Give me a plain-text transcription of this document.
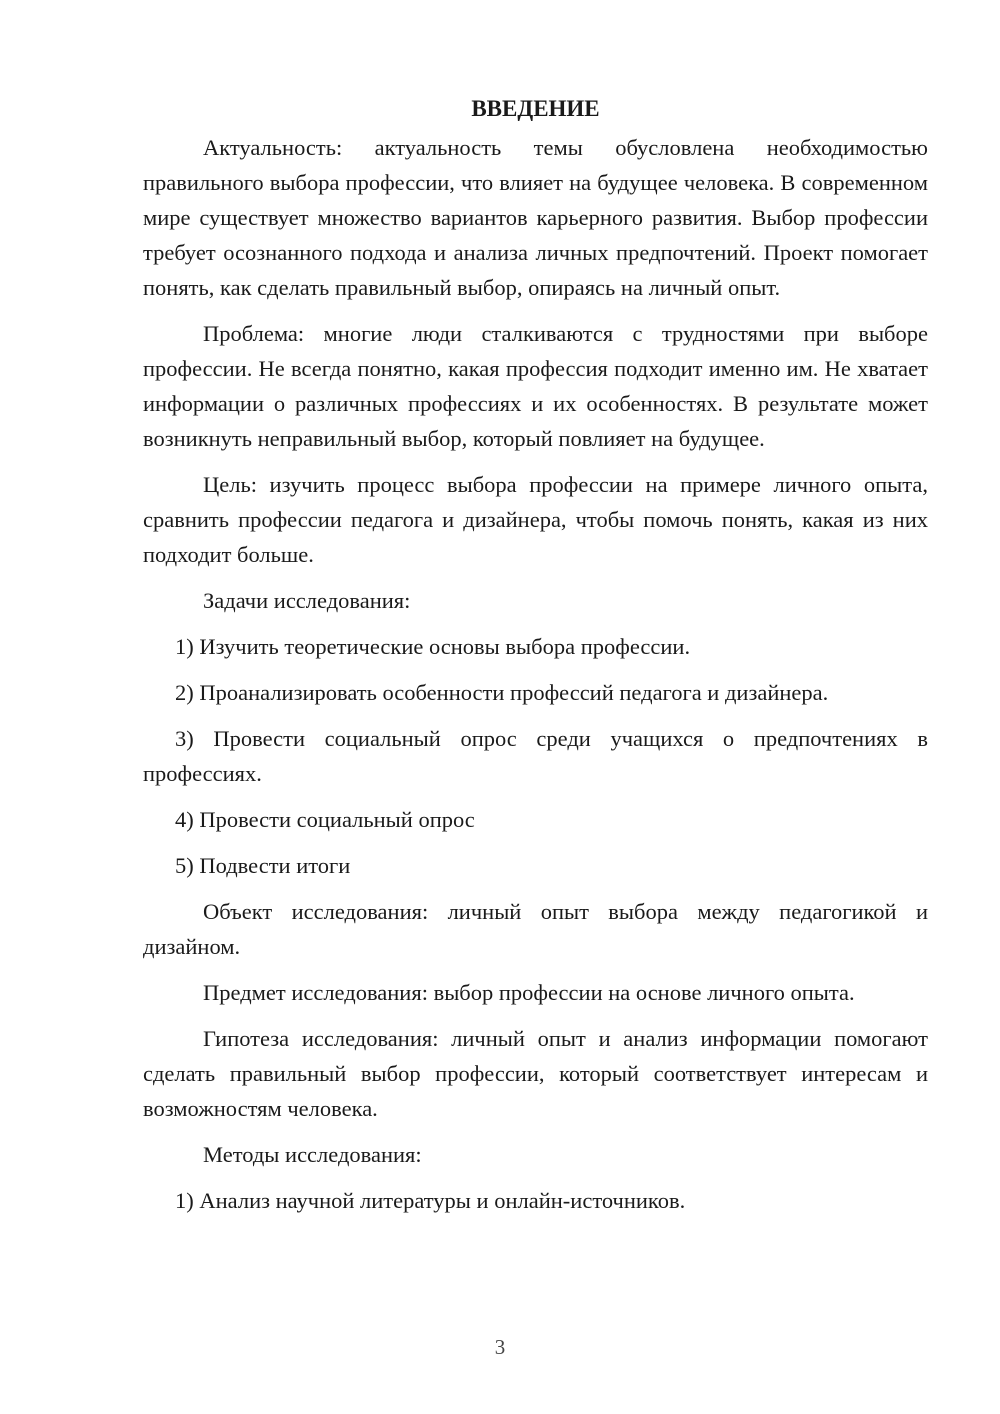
ВВЕДЕНИЕ

Актуальность: актуальность темы обусловлена необходимостью правильного выбора профессии, что влияет на будущее человека. В современном мире существует множество вариантов карьерного развития. Выбор профессии требует осознанного подхода и анализа личных предпочтений. Проект помогает понять, как сделать правильный выбор, опираясь на личный опыт.

Проблема: многие люди сталкиваются с трудностями при выборе профессии. Не всегда понятно, какая профессия подходит именно им. Не хватает информации о различных профессиях и их особенностях. В результате может возникнуть неправильный выбор, который повлияет на будущее.

Цель: изучить процесс выбора профессии на примере личного опыта, сравнить профессии педагога и дизайнера, чтобы помочь понять, какая из них подходит больше.

Задачи исследования:

1) Изучить теоретические основы выбора профессии.

2) Проанализировать особенности профессий педагога и дизайнера.

3) Провести социальный опрос среди учащихся о предпочтениях в профессиях.

4) Провести социальный опрос

5) Подвести итоги

Объект исследования: личный опыт выбора между педагогикой и дизайном.

Предмет исследования: выбор профессии на основе личного опыта.

Гипотеза исследования: личный опыт и анализ информации помогают сделать правильный выбор профессии, который соответствует интересам и возможностям человека.

Методы исследования:

1) Анализ научной литературы и онлайн-источников.

3
